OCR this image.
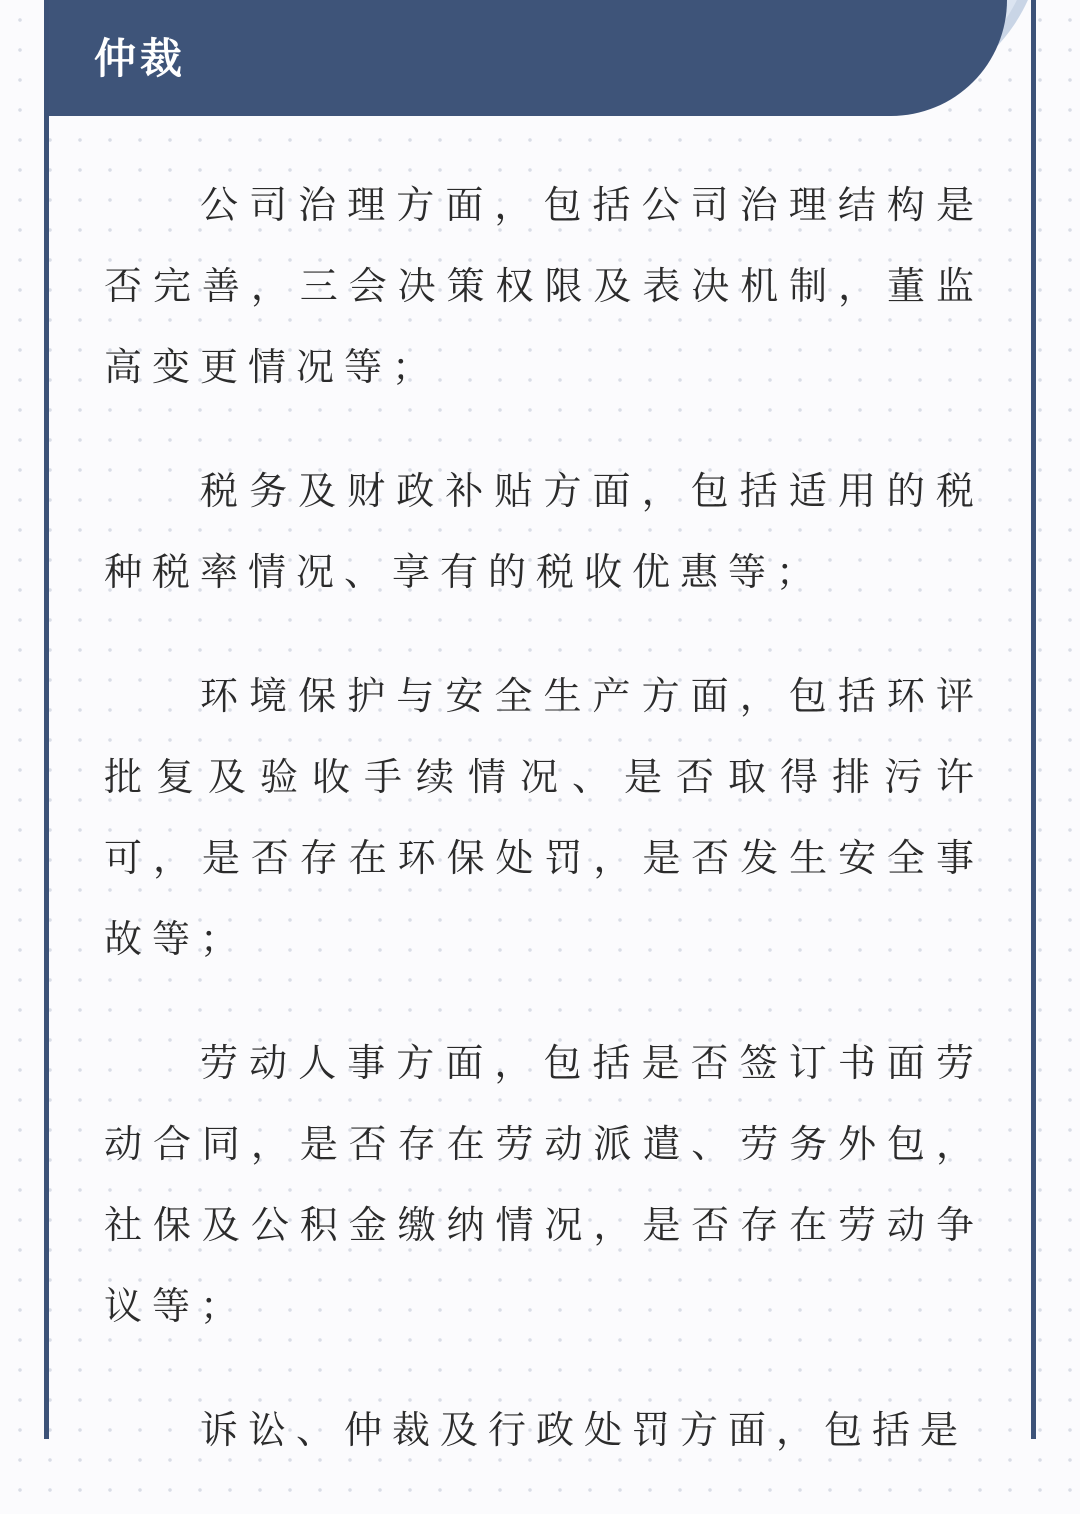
仲裁

公司治理方面，包括公司治理结构是否完善，三会决策权限及表决机制，董监高变更情况等；

税务及财政补贴方面，包括适用的税种税率情况、享有的税收优惠等；

环境保护与安全生产方面，包括环评批复及验收手续情况、是否取得排污许可，是否存在环保处罚，是否发生安全事故等；

劳动人事方面，包括是否签订书面劳动合同，是否存在劳动派遣、劳务外包，社保及公积金缴纳情况，是否存在劳动争议等；

诉讼、仲裁及行政处罚方面，包括是
